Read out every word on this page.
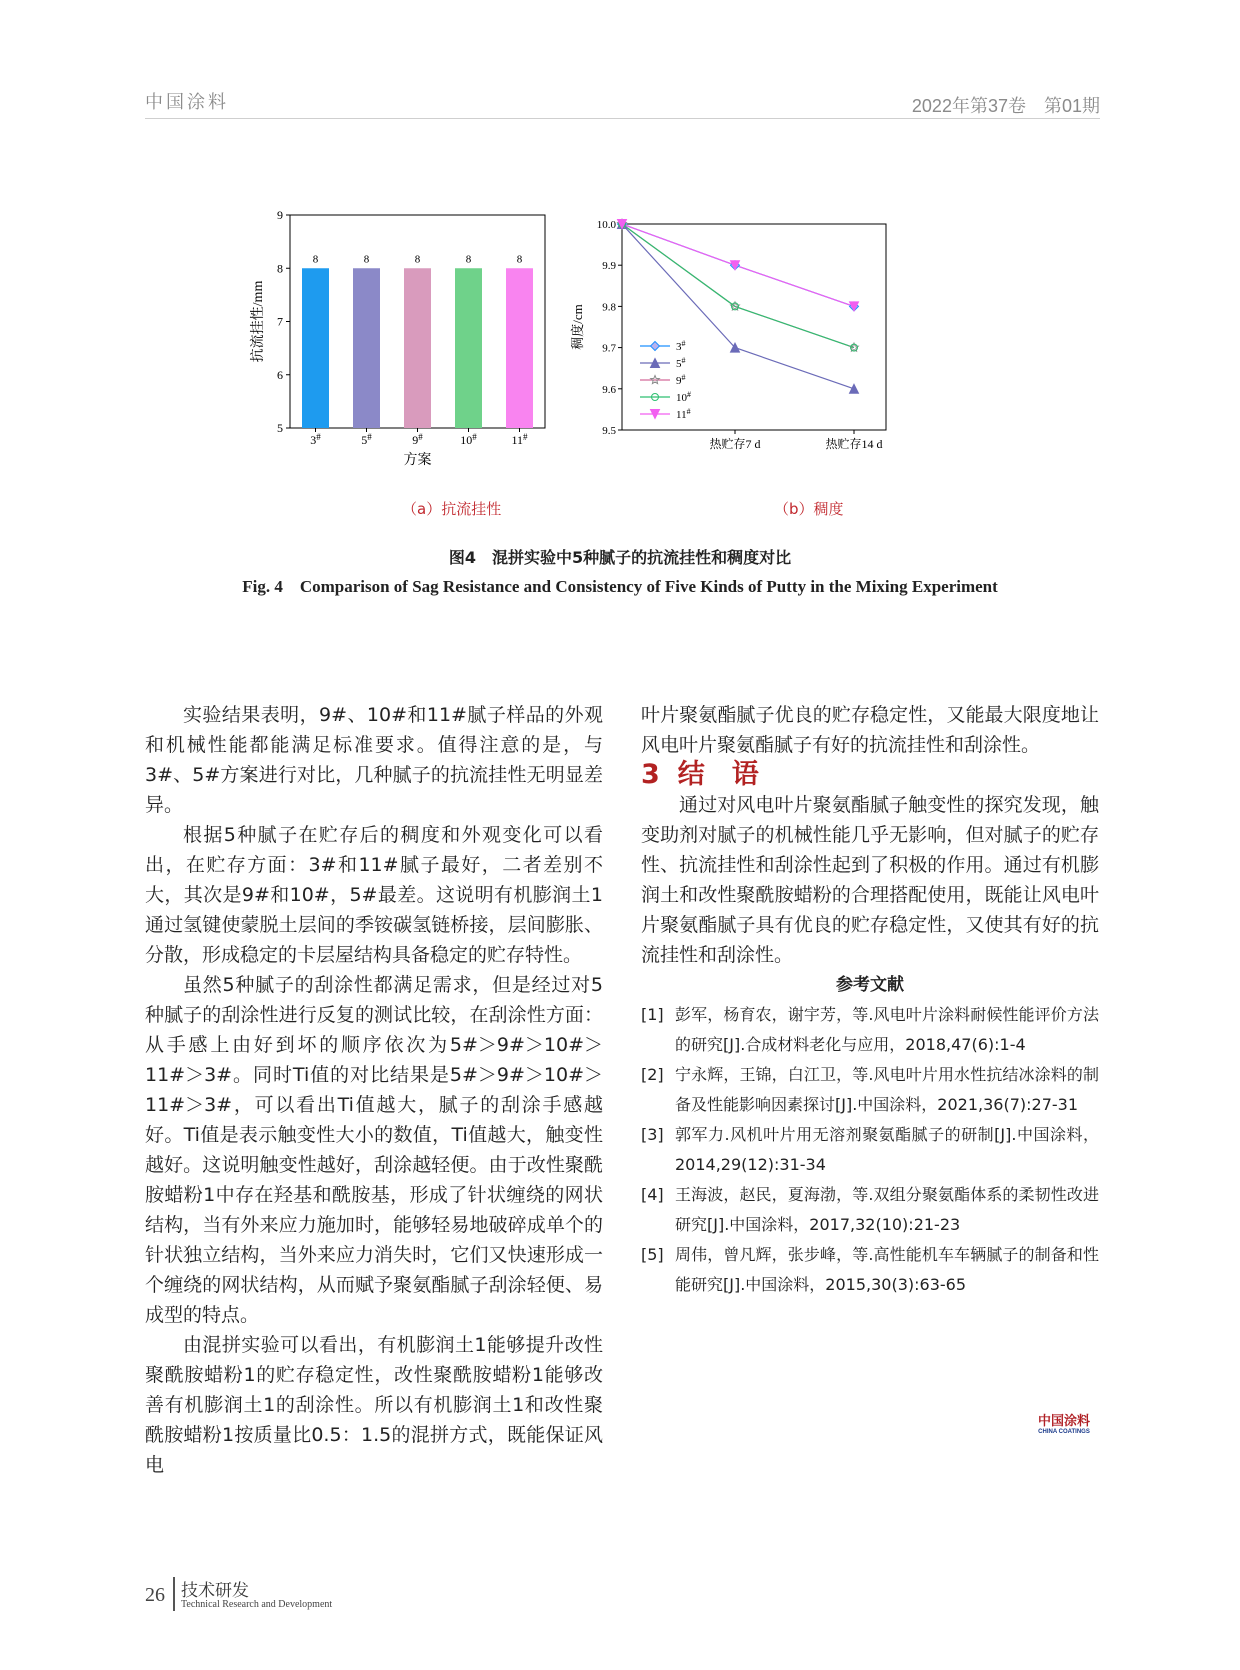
中国涂料	2022年第37卷　第01期
5
6
7
8
9
8
3#
8
5#
8
9#
8
10#
8
11#
方案
抗流挂性/mm
9.5
9.6
9.7
9.8
9.9
10.0
热贮存7 d	热贮存14 d
稠度/cm	3#
5#
9#
10#
11#
（a）抗流挂性	（b）稠度
图4　混拼实验中5种腻子的抗流挂性和稠度对比
Fig. 4　Comparison of Sag Resistance and Consistency of Five Kinds of Putty in the Mixing Experiment

实验结果表明，9#、10#和11#腻子样品的外观和机械性能都能满足标准要求。值得注意的是，与3#、5#方案进行对比，几种腻子的抗流挂性无明显差异。

根据5种腻子在贮存后的稠度和外观变化可以看出，在贮存方面：3#和11#腻子最好，二者差别不大，其次是9#和10#，5#最差。这说明有机膨润土1通过氢键使蒙脱土层间的季铵碳氢链桥接，层间膨胀、分散，形成稳定的卡层屋结构具备稳定的贮存特性。

虽然5种腻子的刮涂性都满足需求，但是经过对5种腻子的刮涂性进行反复的测试比较，在刮涂性方面：从手感上由好到坏的顺序依次为5#＞9#＞10#＞11#＞3#。同时Ti值的对比结果是5#＞9#＞10#＞11#＞3#，可以看出Ti值越大，腻子的刮涂手感越好。Ti值是表示触变性大小的数值，Ti值越大，触变性越好。这说明触变性越好，刮涂越轻便。由于改性聚酰胺蜡粉1中存在羟基和酰胺基，形成了针状缠绕的网状结构，当有外来应力施加时，能够轻易地破碎成单个的针状独立结构，当外来应力消失时，它们又快速形成一个缠绕的网状结构，从而赋予聚氨酯腻子刮涂轻便、易成型的特点。

由混拼实验可以看出，有机膨润土1能够提升改性聚酰胺蜡粉1的贮存稳定性，改性聚酰胺蜡粉1能够改善有机膨润土1的刮涂性。所以有机膨润土1和改性聚酰胺蜡粉1按质量比0.5：1.5的混拼方式，既能保证风电

叶片聚氨酯腻子优良的贮存稳定性，又能最大限度地让风电叶片聚氨酯腻子有好的抗流挂性和刮涂性。

3 结　语

通过对风电叶片聚氨酯腻子触变性的探究发现，触变助剂对腻子的机械性能几乎无影响，但对腻子的贮存性、抗流挂性和刮涂性起到了积极的作用。通过有机膨润土和改性聚酰胺蜡粉的合理搭配使用，既能让风电叶片聚氨酯腻子具有优良的贮存稳定性，又使其有好的抗流挂性和刮涂性。

参考文献

[1] 彭军，杨育农，谢宇芳，等.风电叶片涂料耐候性能评价方法的研究[J].合成材料老化与应用，2018,47(6):1-4
[2] 宁永辉，王锦，白江卫，等.风电叶片用水性抗结冰涂料的制备及性能影响因素探讨[J].中国涂料，2021,36(7):27-31
[3] 郭军力.风机叶片用无溶剂聚氨酯腻子的研制[J].中国涂料，2014,29(12):31-34
[4] 王海波，赵民，夏海渤，等.双组分聚氨酯体系的柔韧性改进研究[J].中国涂料，2017,32(10):21-23
[5] 周伟，曾凡辉，张步峰，等.高性能机车车辆腻子的制备和性能研究[J].中国涂料，2015,30(3):63-65
中国涂料
CHINA COATINGS
26 技术研发
Technical Research and Development
